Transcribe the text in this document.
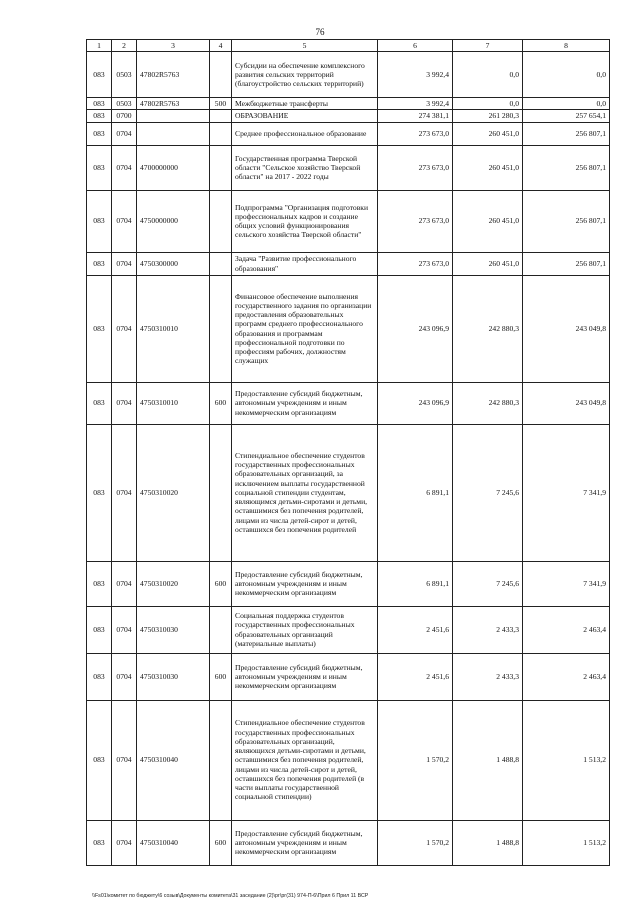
76
1	2	3	4	5	6	7	8
083	0503	47802R5763		Субсидии на обеспечение комплексного развития сельских территорий (благоустройство сельских территорий)	3 992,4	0,0	0,0
083	0503	47802R5763	500	Межбюджетные трансферты	3 992,4	0,0	0,0
083	0700			ОБРАЗОВАНИЕ	274 381,1	261 280,3	257 654,1
083	0704			Среднее профессиональное образование	273 673,0	260 451,0	256 807,1
083	0704	4700000000		Государственная программа Тверской области "Сельское хозяйство Тверской области" на 2017 - 2022 годы	273 673,0	260 451,0	256 807,1
083	0704	4750000000		Подпрограмма "Организация подготовки профессиональных кадров и создание общих условий функционирования сельского хозяйства Тверской области"	273 673,0	260 451,0	256 807,1
083	0704	4750300000		Задача "Развитие профессионального образования"	273 673,0	260 451,0	256 807,1
083	0704	4750310010		Финансовое обеспечение выполнения государственного задания по организации предоставления образовательных программ среднего профессионального образования и программам профессиональной подготовки по профессиям рабочих, должностям служащих	243 096,9	242 880,3	243 049,8
083	0704	4750310010	600	Предоставление субсидий бюджетным, автономным учреждениям и иным некоммерческим организациям	243 096,9	242 880,3	243 049,8
083	0704	4750310020		Стипендиальное обеспечение студентов государственных профессиональных образовательных организаций, за исключением выплаты государственной социальной стипендии студентам, являющимся детьми-сиротами и детьми, оставшимися без попечения родителей, лицами из числа детей-сирот и детей, оставшихся без попечения родителей	6 891,1	7 245,6	7 341,9
083	0704	4750310020	600	Предоставление субсидий бюджетным, автономным учреждениям и иным некоммерческим организациям	6 891,1	7 245,6	7 341,9
083	0704	4750310030		Социальная поддержка студентов государственных профессиональных образовательных организаций (материальные выплаты)	2 451,6	2 433,3	2 463,4
083	0704	4750310030	600	Предоставление субсидий бюджетным, автономным учреждениям и иным некоммерческим организациям	2 451,6	2 433,3	2 463,4
083	0704	4750310040		Стипендиальное обеспечение студентов государственных профессиональных образовательных организаций, являющихся детьми-сиротами и детьми, оставшимися без попечения родителей, лицами из числа детей-сирот и детей, оставшихся без попечения родителей (в части выплаты государственной социальной стипендии)	1 570,2	1 488,8	1 513,2
083	0704	4750310040	600	Предоставление субсидий бюджетным, автономным учреждениям и иным некоммерческим организациям	1 570,2	1 488,8	1 513,2
\\Fs01\комитет по бюджету\6 созыв\Документы комитета\31 заседание (2)\рг\рг(31) 974-П-6\Прил 6 Прил 11 ВСР
